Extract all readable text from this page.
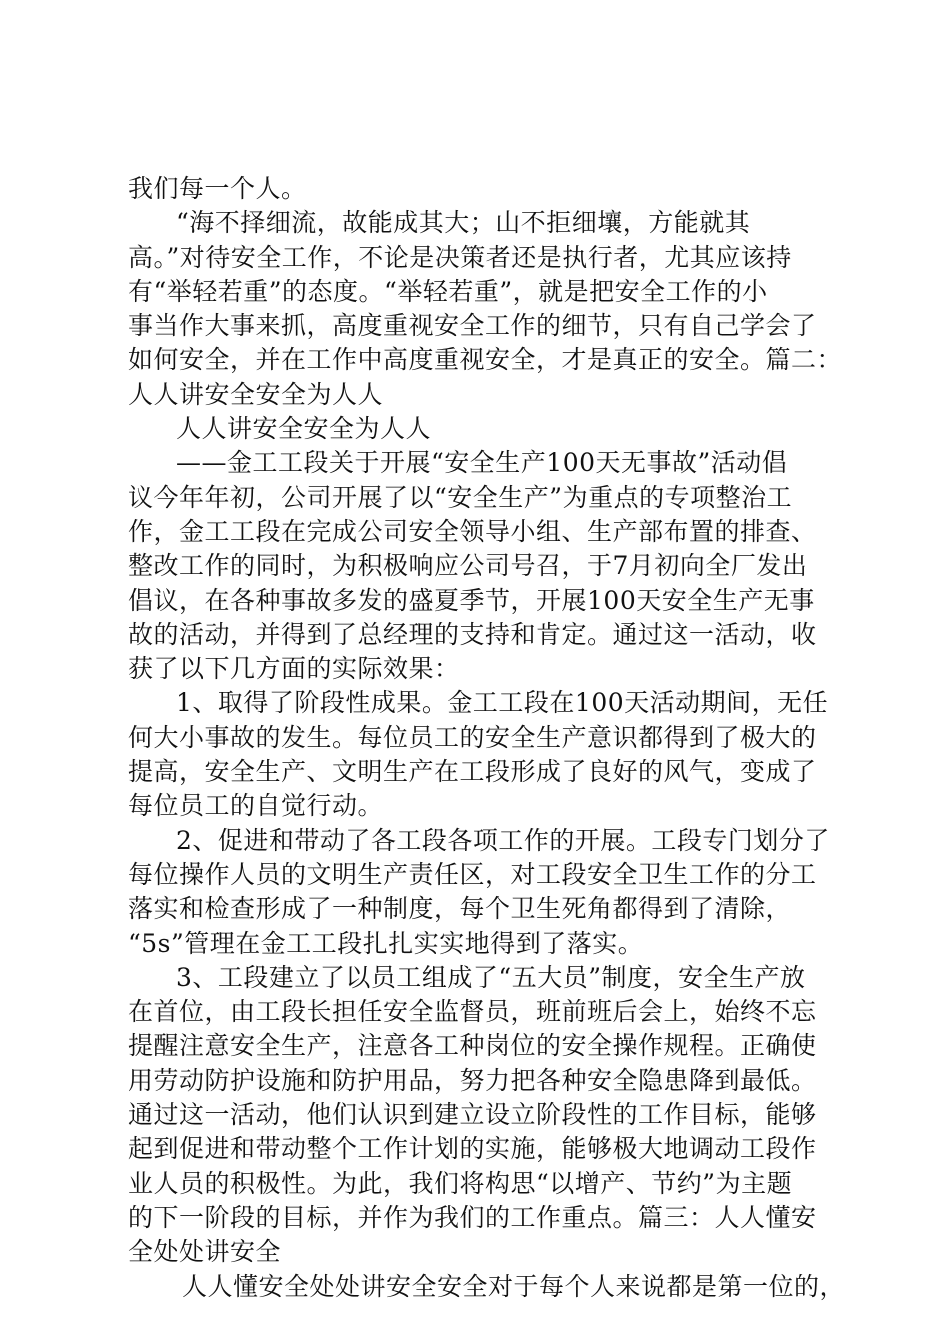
我们每一个人。
“海不择细流，故能成其大；山不拒细壤，方能就其
高。”对待安全工作，不论是决策者还是执行者，尤其应该持
有“举轻若重”的态度。“举轻若重”，就是把安全工作的小
事当作大事来抓，高度重视安全工作的细节，只有自己学会了
如何安全，并在工作中高度重视安全，才是真正的安全。篇二：
人人讲安全安全为人人
人人讲安全安全为人人
——金工工段关于开展“安全生产100天无事故”活动倡
议今年年初，公司开展了以“安全生产”为重点的专项整治工
作，金工工段在完成公司安全领导小组、生产部布置的排查、
整改工作的同时，为积极响应公司号召，于7月初向全厂发出
倡议，在各种事故多发的盛夏季节，开展100天安全生产无事
故的活动，并得到了总经理的支持和肯定。通过这一活动，收
获了以下几方面的实际效果：
1、取得了阶段性成果。金工工段在100天活动期间，无任
何大小事故的发生。每位员工的安全生产意识都得到了极大的
提高，安全生产、文明生产在工段形成了良好的风气，变成了
每位员工的自觉行动。
2、促进和带动了各工段各项工作的开展。工段专门划分了
每位操作人员的文明生产责任区，对工段安全卫生工作的分工
落实和检查形成了一种制度，每个卫生死角都得到了清除，
“5s”管理在金工工段扎扎实实地得到了落实。
3、工段建立了以员工组成了“五大员”制度，安全生产放
在首位，由工段长担任安全监督员，班前班后会上，始终不忘
提醒注意安全生产，注意各工种岗位的安全操作规程。正确使
用劳动防护设施和防护用品，努力把各种安全隐患降到最低。
通过这一活动，他们认识到建立设立阶段性的工作目标，能够
起到促进和带动整个工作计划的实施，能够极大地调动工段作
业人员的积极性。为此，我们将构思“以增产、节约”为主题
的下一阶段的目标，并作为我们的工作重点。篇三：人人懂安
全处处讲安全
人人懂安全处处讲安全安全对于每个人来说都是第一位的，
